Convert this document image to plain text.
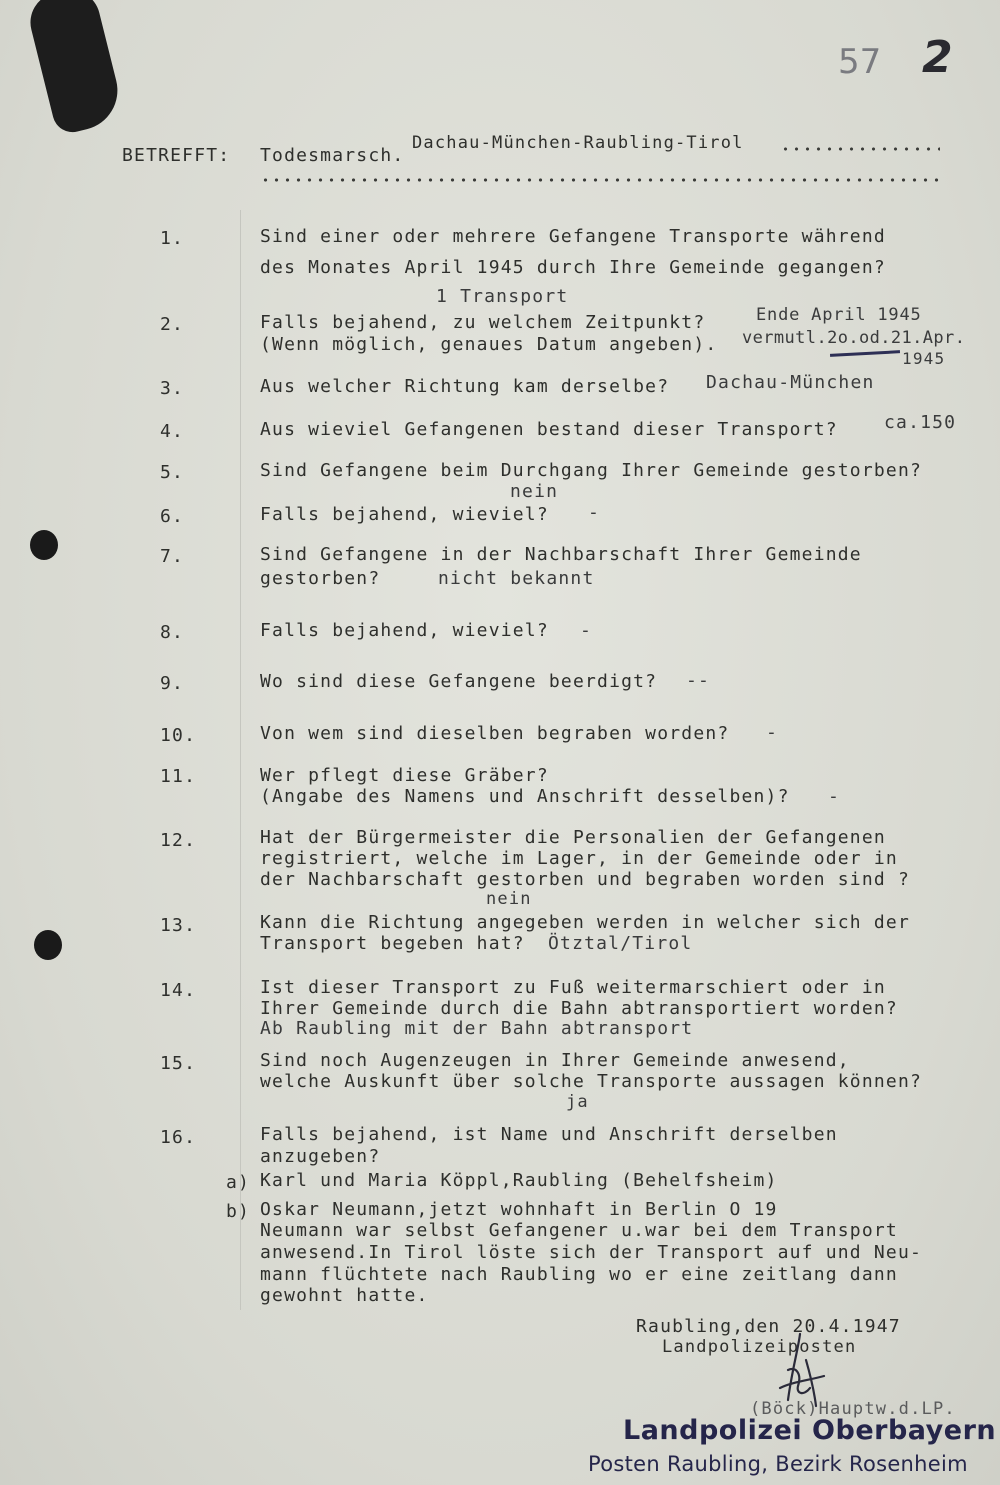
57 2
BETREFFT: Todesmarsch.
Dachau-München-Raubling-Tirol
1.	Sind einer oder mehrere Gefangene Transporte während
des Monates April 1945 durch Ihre Gemeinde gegangen?
1 Transport
2.	Falls bejahend, zu welchem Zeitpunkt?
(Wenn möglich, genaues Datum angeben).
Ende April 1945
vermutl.2o.od.21.Apr.
1945
3.	Aus welcher Richtung kam derselbe? Dachau-München
4.	Aus wieviel Gefangenen bestand dieser Transport?	ca.150
5.	Sind Gefangene beim Durchgang Ihrer Gemeinde gestorben?
nein
6.	Falls bejahend, wieviel? -
7.	Sind Gefangene in der Nachbarschaft Ihrer Gemeinde
gestorben?	nicht bekannt
8.	Falls bejahend, wieviel? -
9.	Wo sind diese Gefangene beerdigt? --
10.	Von wem sind dieselben begraben worden? -
11.	Wer pflegt diese Gräber?
(Angabe des Namens und Anschrift desselben)? -
12.	Hat der Bürgermeister die Personalien der Gefangenen
registriert, welche im Lager, in der Gemeinde oder in
der Nachbarschaft gestorben und begraben worden sind ?
nein
13.	Kann die Richtung angegeben werden in welcher sich der
Transport begeben hat? Ötztal/Tirol
14.	Ist dieser Transport zu Fuß weitermarschiert oder in
Ihrer Gemeinde durch die Bahn abtransportiert worden?
Ab Raubling mit der Bahn abtransport
15.	Sind noch Augenzeugen in Ihrer Gemeinde anwesend,
welche Auskunft über solche Transporte aussagen können?
ja
16.	Falls bejahend, ist Name und Anschrift derselben
anzugeben?
a) Karl und Maria Köppl,Raubling (Behelfsheim)
b) Oskar Neumann,jetzt wohnhaft in Berlin O 19
Neumann war selbst Gefangener u.war bei dem Transport
anwesend.In Tirol löste sich der Transport auf und Neu-
mann flüchtete nach Raubling wo er eine zeitlang dann
gewohnt hatte.
Raubling,den 20.4.1947
Landpolizeiposten
(Böck)Hauptw.d.LP.
Landpolizei Oberbayern
Posten Raubling, Bezirk Rosenheim
